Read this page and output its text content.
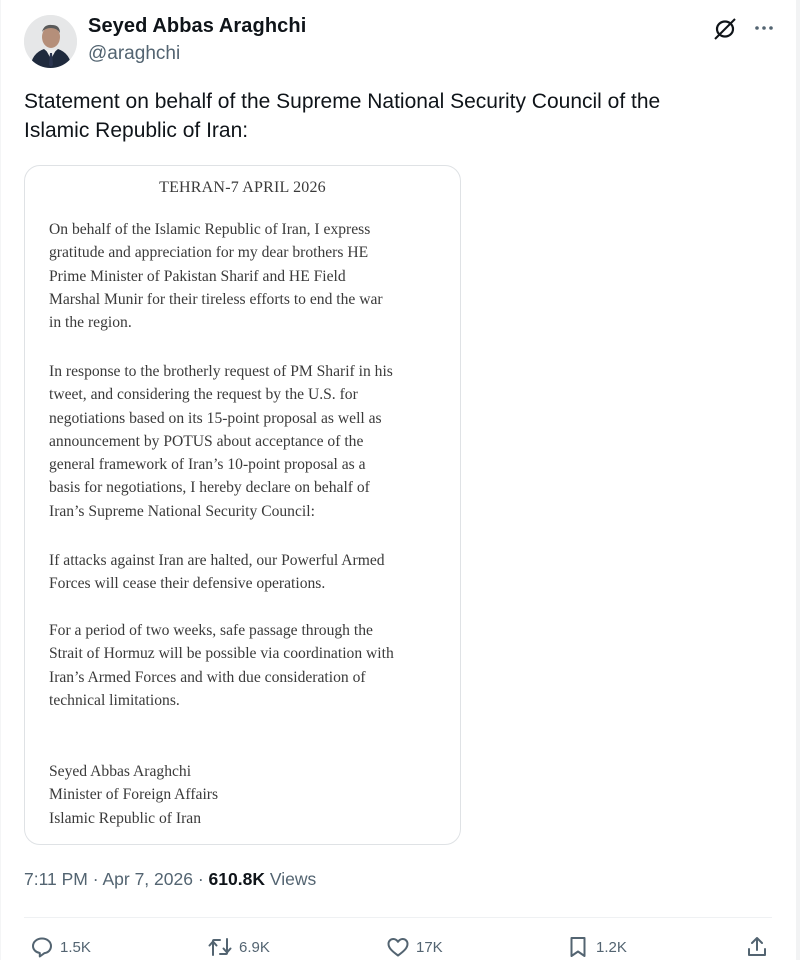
Seyed Abbas Araghchi
@araghchi
Statement on behalf of the Supreme National Security Council of the
Islamic Republic of Iran:
TEHRAN-7 APRIL 2026

On behalf of the Islamic Republic of Iran, I express
gratitude and appreciation for my dear brothers HE
Prime Minister of Pakistan Sharif and HE Field
Marshal Munir for their tireless efforts to end the war
in the region.

In response to the brotherly request of PM Sharif in his
tweet, and considering the request by the U.S. for
negotiations based on its 15-point proposal as well as
announcement by POTUS about acceptance of the
general framework of Iran’s 10-point proposal as a
basis for negotiations, I hereby declare on behalf of
Iran’s Supreme National Security Council:

If attacks against Iran are halted, our Powerful Armed
Forces will cease their defensive operations.

For a period of two weeks, safe passage through the
Strait of Hormuz will be possible via coordination with
Iran’s Armed Forces and with due consideration of
technical limitations.

Seyed Abbas Araghchi
Minister of Foreign Affairs
Islamic Republic of Iran

7:11 PM · Apr 7, 2026 · 610.8K Views
1.5K	6.9K	17K	1.2K
